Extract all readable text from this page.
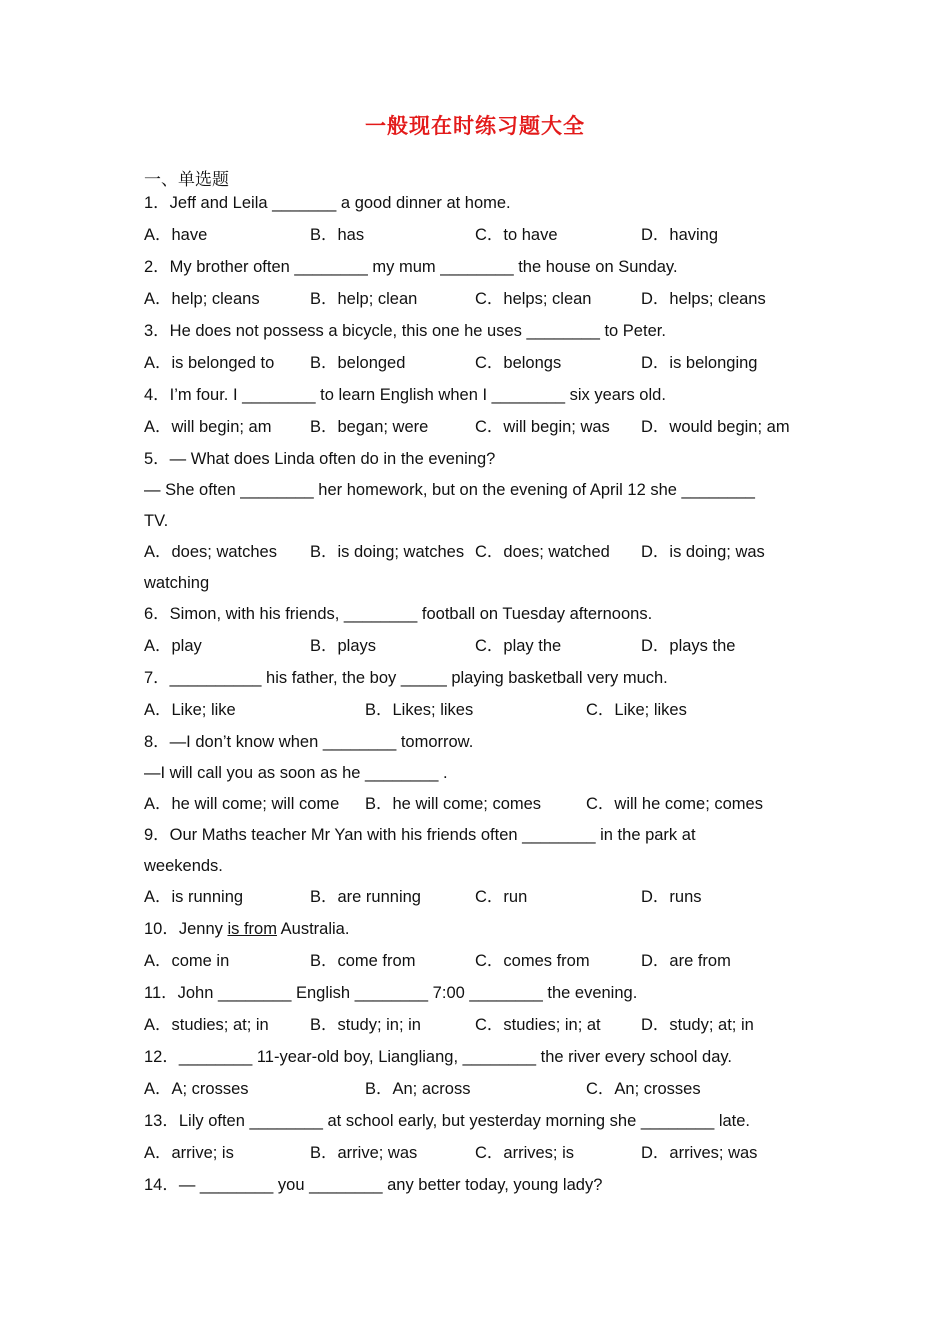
一般现在时练习题大全
一、单选题
1．Jeff and Leila _______ a good dinner at home.
A．have	B．has	C．to have	D．having
2．My brother often ________ my mum ________ the house on Sunday.
A．help; cleans	B．help; clean	C．helps; clean	D．helps; cleans
3．He does not possess a bicycle, this one he uses ________ to Peter.
A．is belonged to B．belonged	C．belongs	D．is belonging
4．I’m four. I ________ to learn English when I ________ six years old.
A．will begin; am B．began; were	C．will begin; was D．would begin; am
5．— What does Linda often do in the evening?
— She often ________ her homework, but on the evening of April 12 she ________
TV.
A．does; watches B．is doing; watches C．does; watched D．is doing; was
watching
6．Simon, with his friends, ________ football on Tuesday afternoons.
A．play	B．plays	C．play the	D．plays the
7．__________ his father, the boy _____ playing basketball very much.
A．Like; like	B．Likes; likes	C．Like; likes
8．—I don’t know when ________ tomorrow.
—I will call you as soon as he ________ .
A．he will come; will come B．he will come; comes	C．will he come; comes
9．Our Maths teacher Mr Yan with his friends often ________ in the park at
weekends.
A．is running	B．are running	C．run	D．runs
10．Jenny is from Australia.
A．come in	B．come from	C．comes from	D．are from
11．John ________ English ________ 7:00 ________ the evening.
A．studies; at; in	B．study; in; in	C．studies; in; at D．study; at; in
12．________ 11-year-old boy, Liangliang, ________ the river every school day.
A．A; crosses	B．An; across	C．An; crosses
13．Lily often ________ at school early, but yesterday morning she ________ late.
A．arrive; is	B．arrive; was	C．arrives; is	D．arrives; was
14．— ________ you ________ any better today, young lady?
